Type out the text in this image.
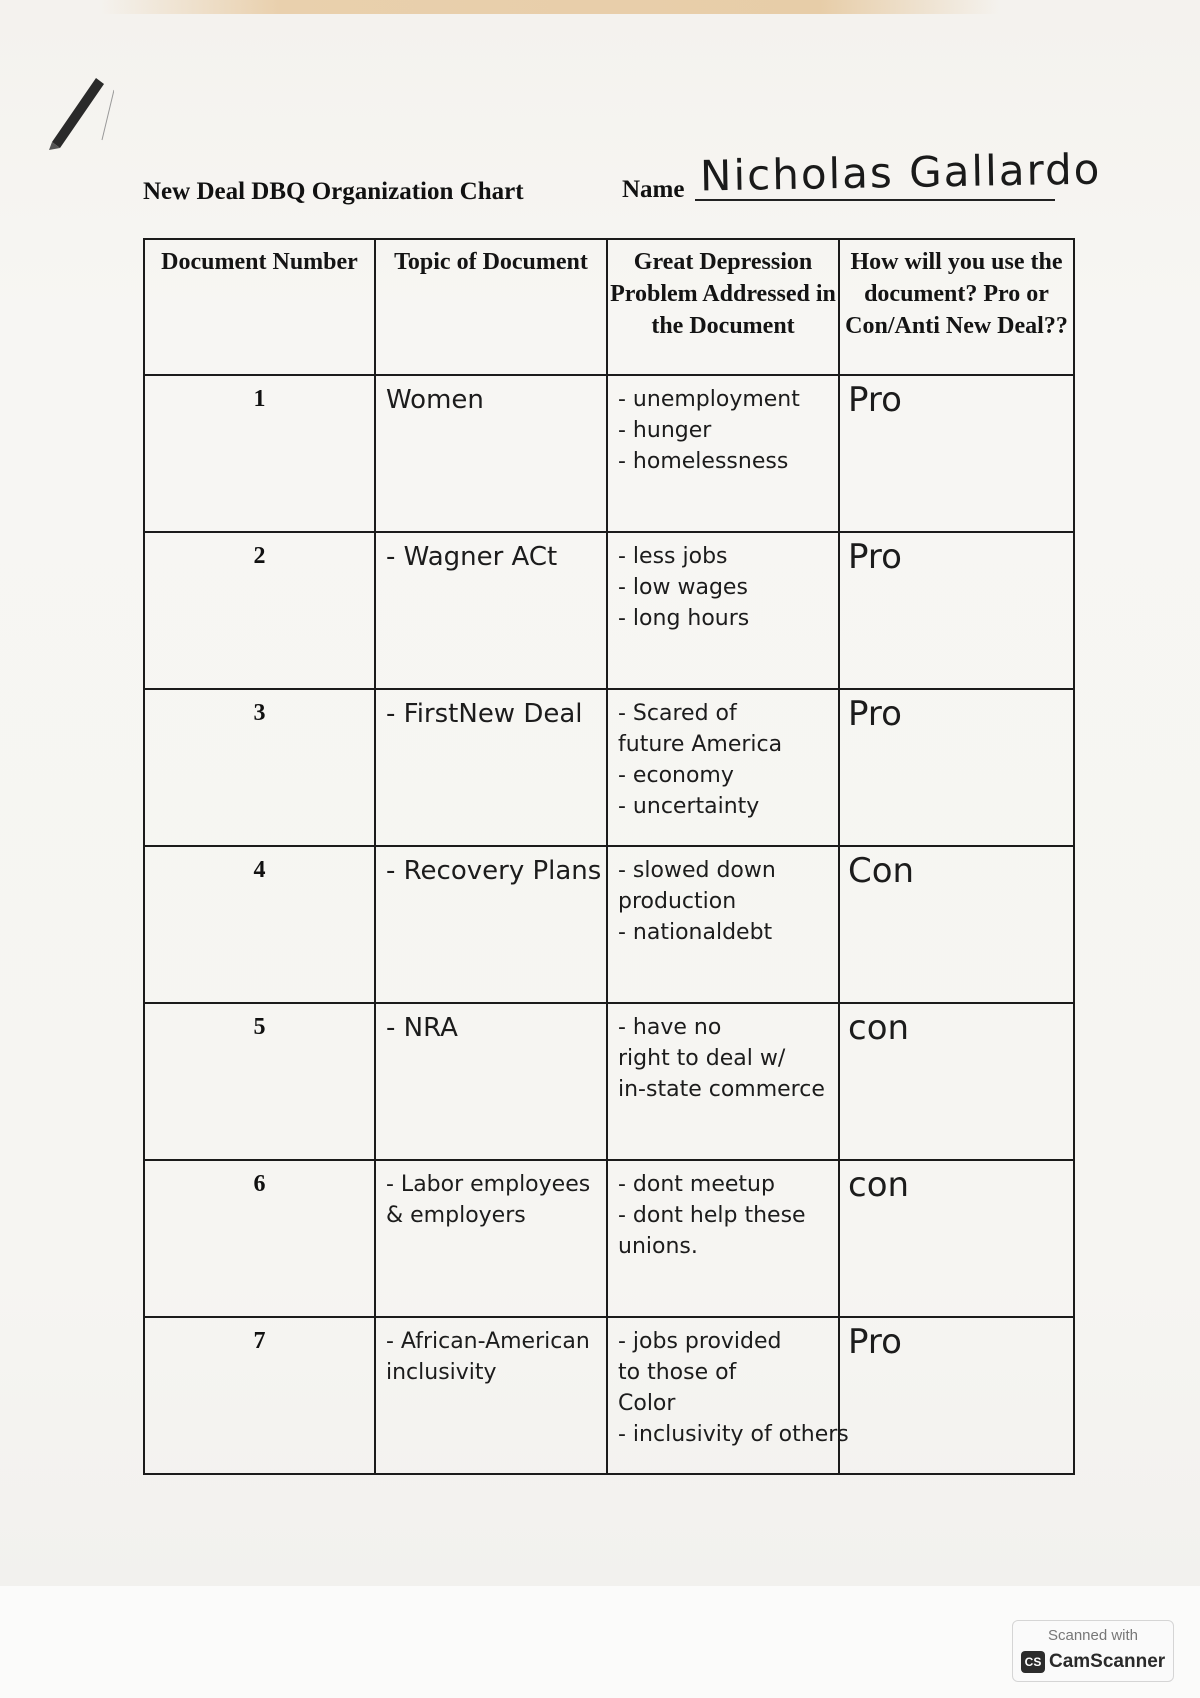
New Deal DBQ Organization Chart	Name Nicholas Gallardo
Document Number	Topic of Document	Great Depression Problem Addressed in the Document	How will you use the document? Pro or Con/Anti New Deal??
1	Women	- unemployment
- hunger
- homelessness	Pro
2	- Wagner ACt	- less jobs
- low wages
- long hours	Pro
3	- FirstNew Deal	- Scared of
future America
- economy
- uncertainty	Pro
4	- Recovery Plans	- slowed down
production
- nationaldebt	Con
5	- NRA	- have no
right to deal w/
in-state commerce	con
6	- Labor employees
& employers	- dont meetup
- dont help these
unions.	con
7	- African-American
inclusivity	- jobs provided
to those of
Color
- inclusivity of others	Pro
Scanned with
CS CamScanner
